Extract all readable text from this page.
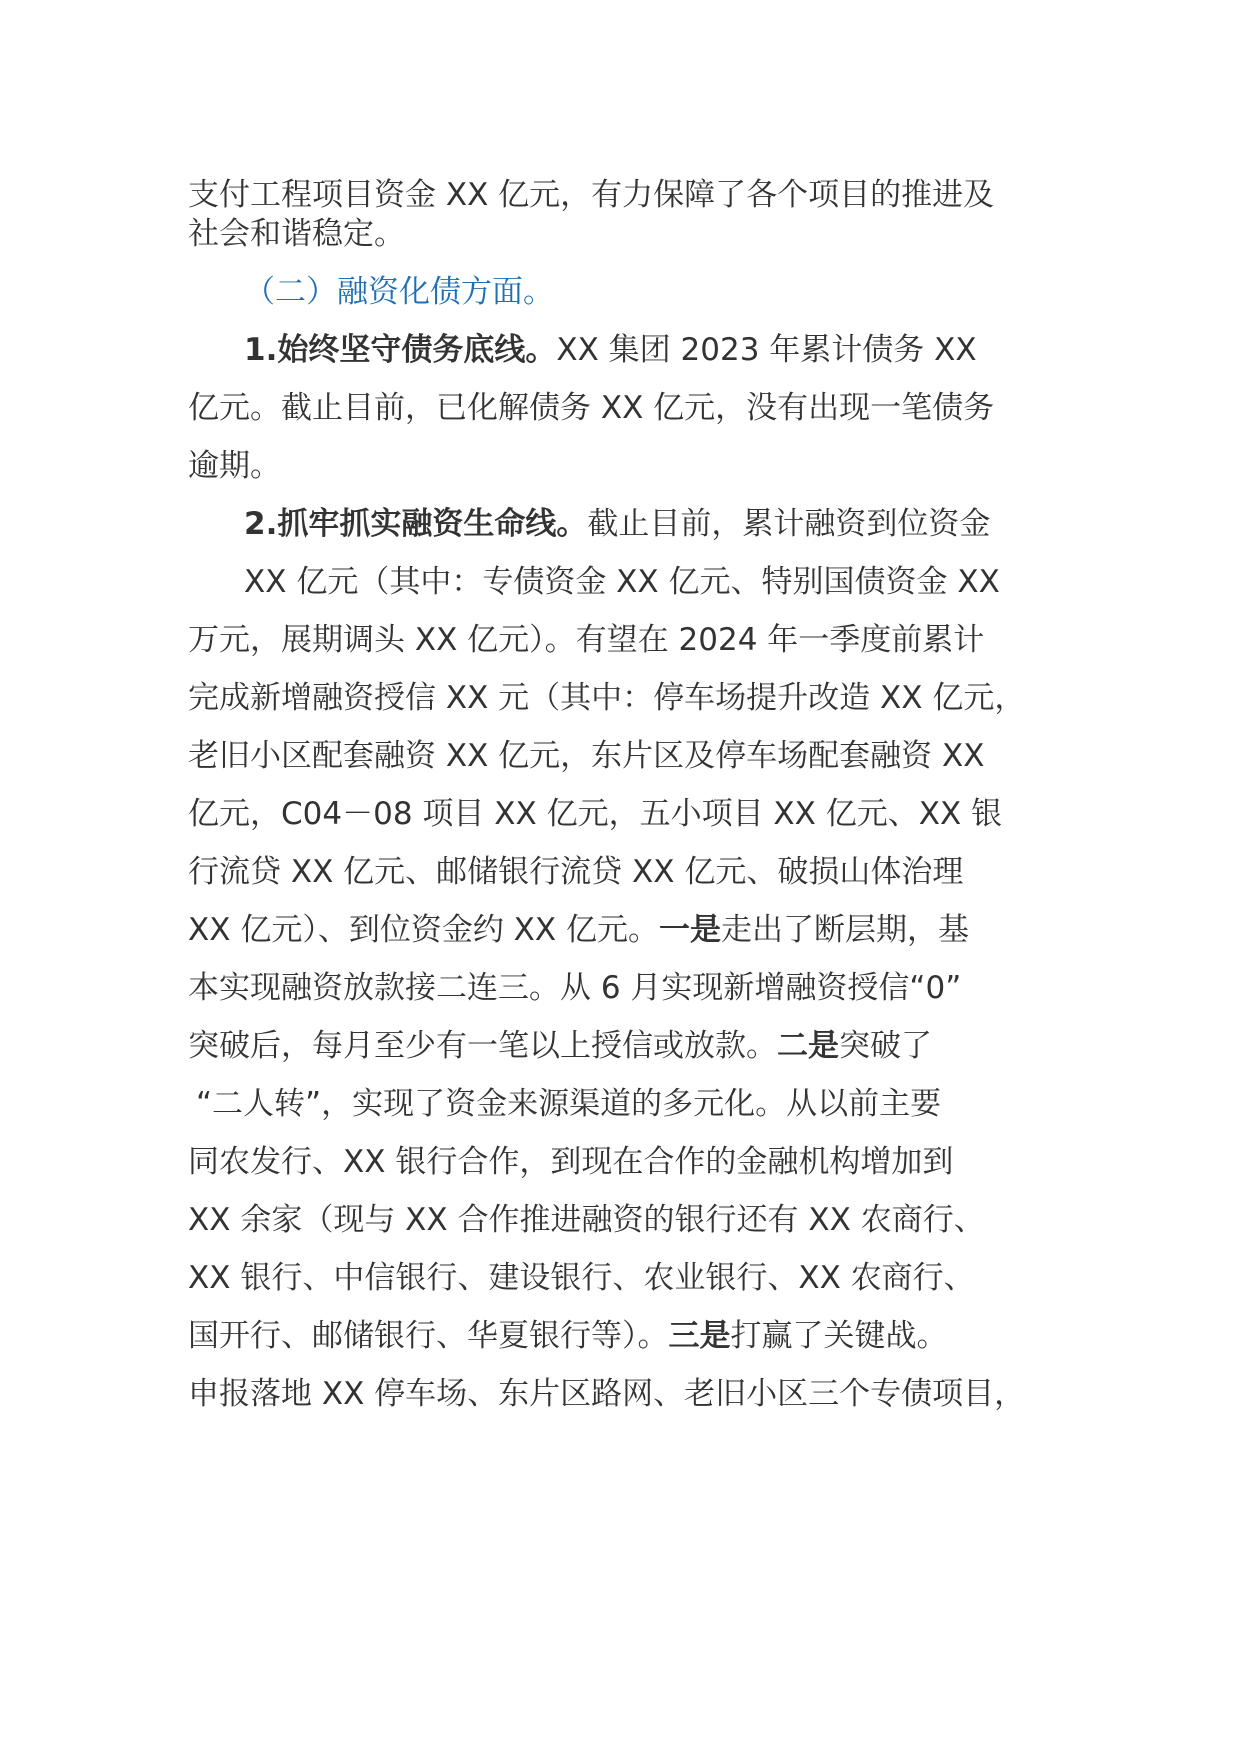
支付工程项目资金 XX 亿元，有力保障了各个项目的推进及
社会和谐稳定。
（二）融资化债方面。
1.始终坚守债务底线。XX 集团 2023 年累计债务 XX
亿元。截止目前，已化解债务 XX 亿元，没有出现一笔债务
逾期。
2.抓牢抓实融资生命线。截止目前，累计融资到位资金
XX 亿元（其中：专债资金 XX 亿元、特别国债资金 XX
万元，展期调头 XX 亿元）。有望在 2024 年一季度前累计
完成新增融资授信 XX 元（其中：停车场提升改造 XX 亿元，
老旧小区配套融资 XX 亿元，东片区及停车场配套融资 XX
亿元，C04－08 项目 XX 亿元，五小项目 XX 亿元、XX 银
行流贷 XX 亿元、邮储银行流贷 XX 亿元、破损山体治理
XX 亿元）、到位资金约 XX 亿元。一是走出了断层期，基
本实现融资放款接二连三。从 6 月实现新增融资授信“0”
突破后，每月至少有一笔以上授信或放款。二是突破了
“二人转”，实现了资金来源渠道的多元化。从以前主要
同农发行、XX 银行合作，到现在合作的金融机构增加到
XX 余家（现与 XX 合作推进融资的银行还有 XX 农商行、
XX 银行、中信银行、建设银行、农业银行、XX 农商行、
国开行、邮储银行、华夏银行等）。三是打赢了关键战。
申报落地 XX 停车场、东片区路网、老旧小区三个专债项目，
